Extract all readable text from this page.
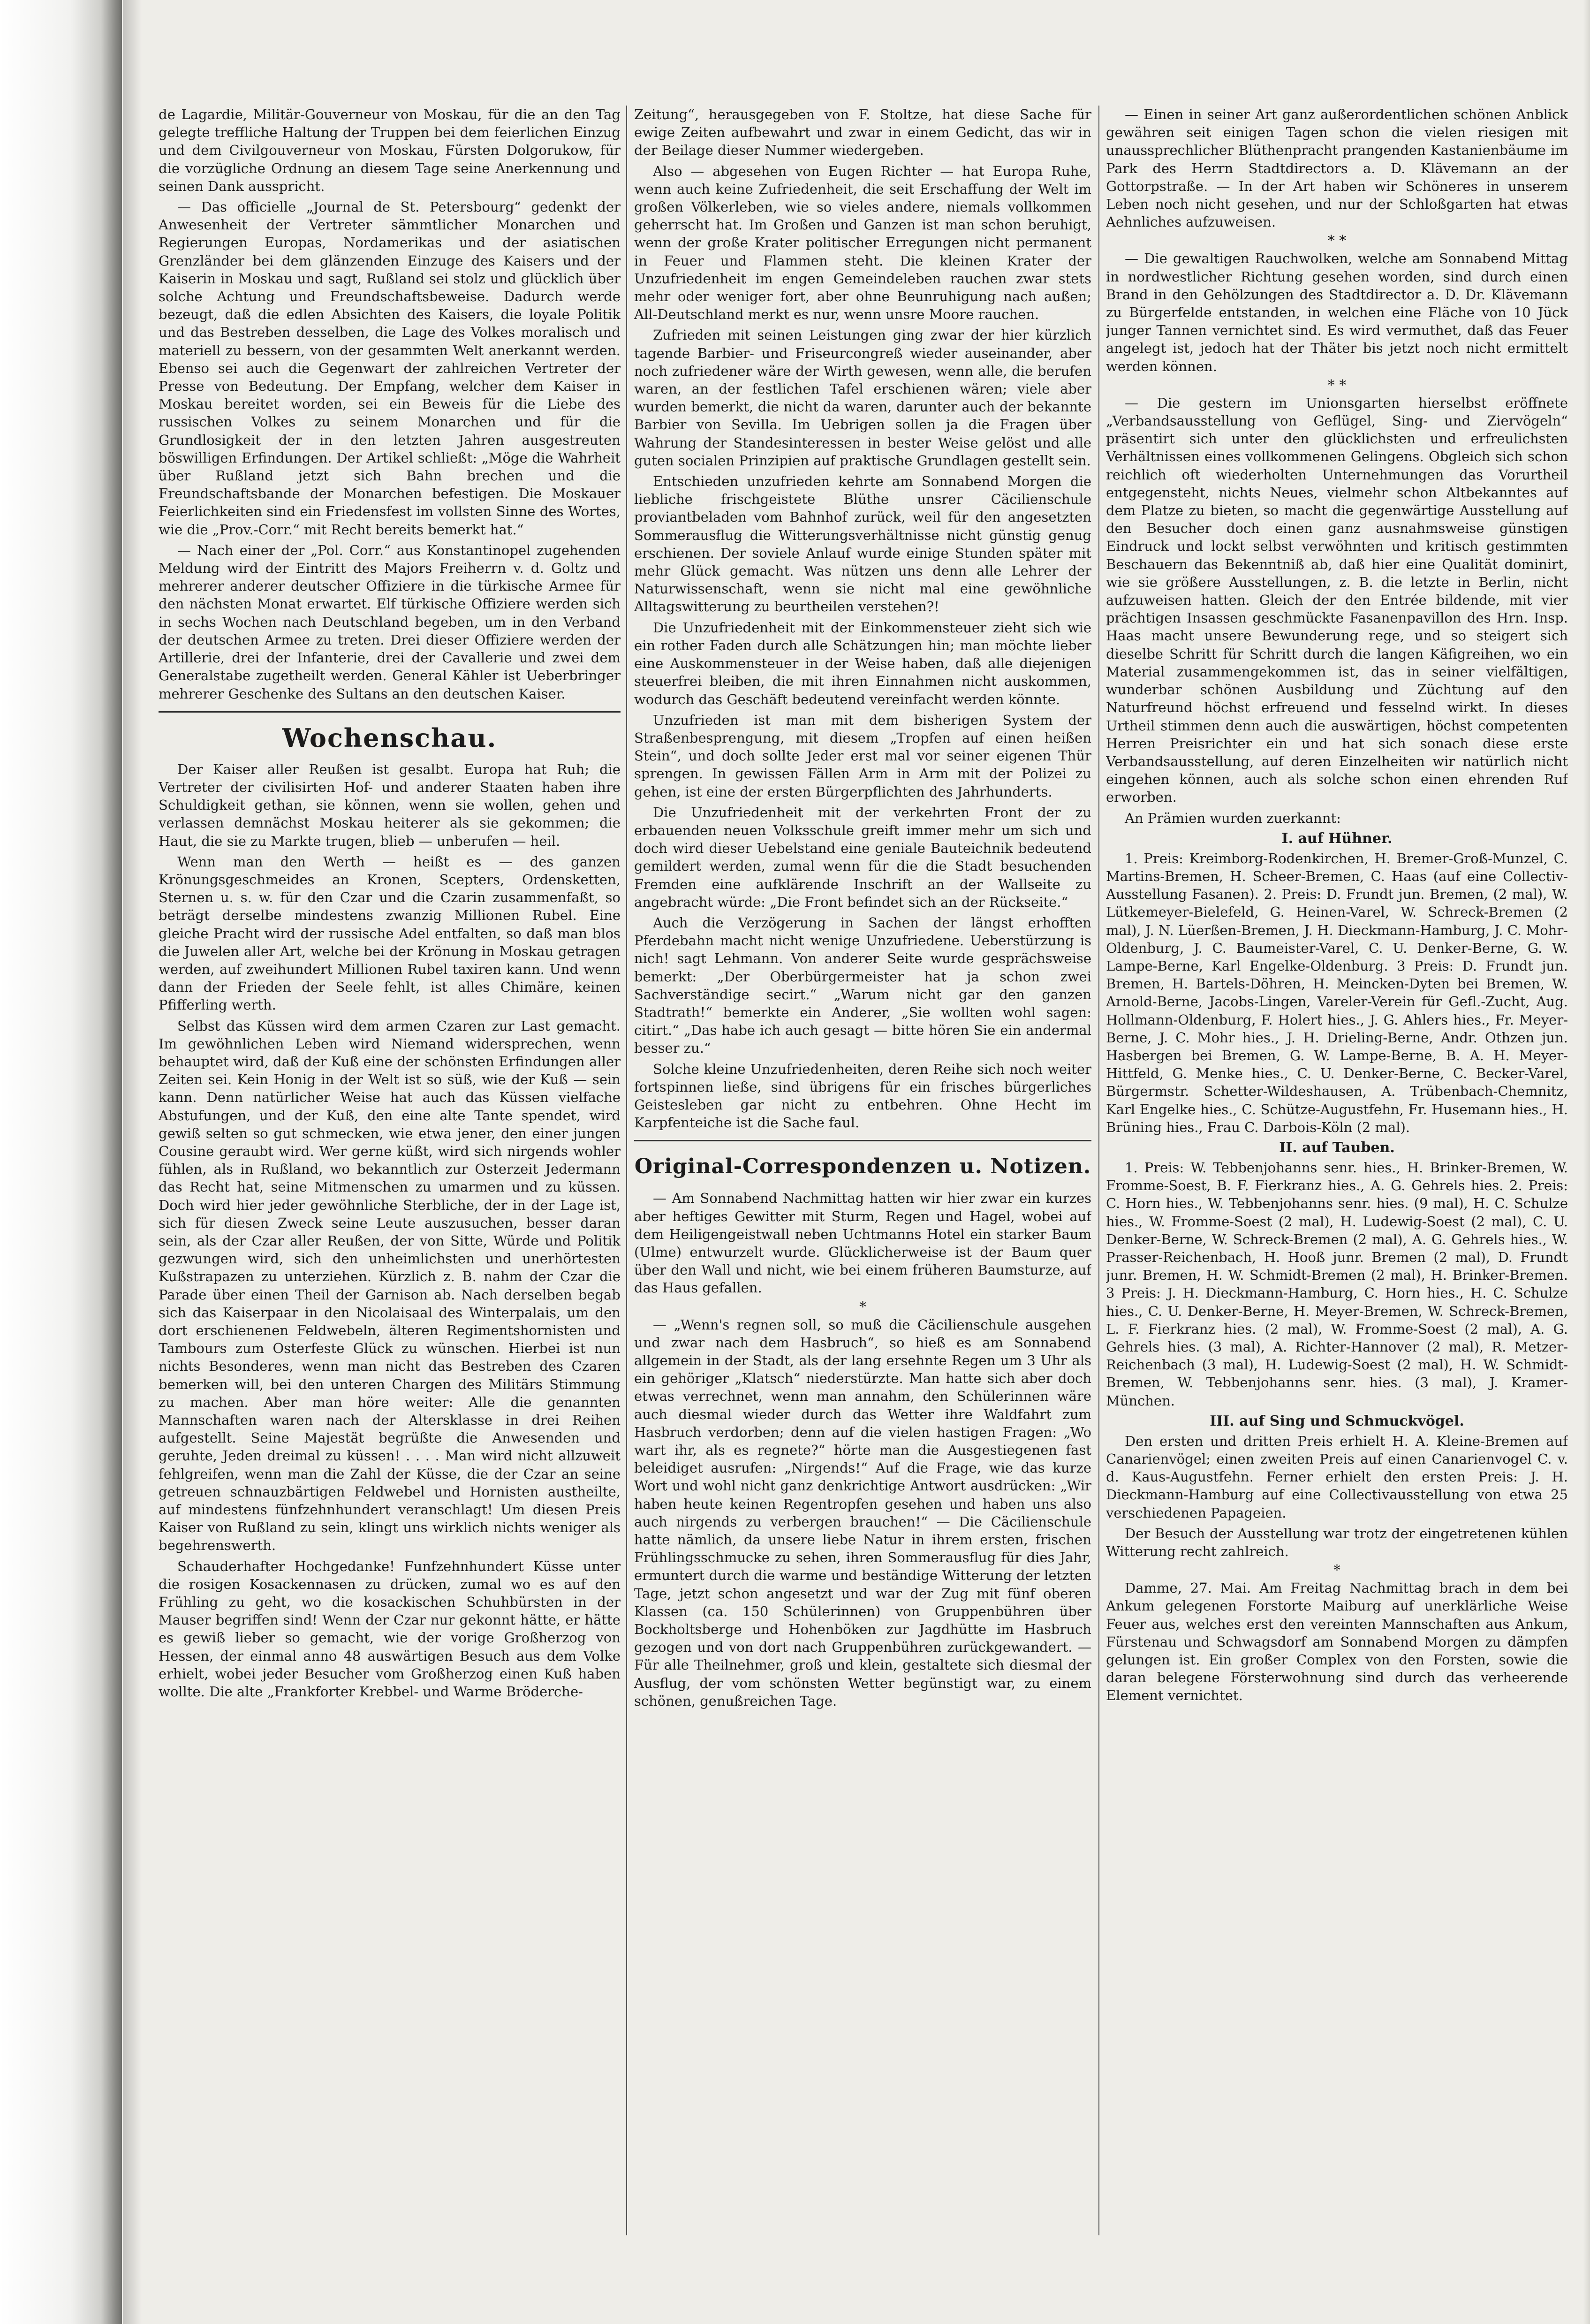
de Lagardie, Militär-Gouverneur von Moskau, für die an den Tag gelegte treffliche Haltung der Truppen bei dem feierlichen Einzug und dem Civilgouverneur von Moskau, Fürsten Dolgorukow, für die vorzügliche Ordnung an diesem Tage seine Anerkennung und seinen Dank ausspricht.

— Das officielle „Journal de St. Petersbourg“ gedenkt der Anwesenheit der Vertreter sämmtlicher Monarchen und Regierungen Europas, Nordamerikas und der asiatischen Grenzländer bei dem glänzenden Einzuge des Kaisers und der Kaiserin in Moskau und sagt, Rußland sei stolz und glücklich über solche Achtung und Freundschaftsbeweise. Dadurch werde bezeugt, daß die edlen Absichten des Kaisers, die loyale Politik und das Bestreben desselben, die Lage des Volkes moralisch und materiell zu bessern, von der gesammten Welt anerkannt werden. Ebenso sei auch die Gegenwart der zahlreichen Vertreter der Presse von Bedeutung. Der Empfang, welcher dem Kaiser in Moskau bereitet worden, sei ein Beweis für die Liebe des russischen Volkes zu seinem Monarchen und für die Grundlosigkeit der in den letzten Jahren ausgestreuten böswilligen Erfindungen. Der Artikel schließt: „Möge die Wahrheit über Rußland jetzt sich Bahn brechen und die Freundschaftsbande der Monarchen befestigen. Die Moskauer Feierlichkeiten sind ein Friedensfest im vollsten Sinne des Wortes, wie die „Prov.-Corr.“ mit Recht bereits bemerkt hat.“

— Nach einer der „Pol. Corr.“ aus Konstantinopel zugehenden Meldung wird der Eintritt des Majors Freiherrn v. d. Goltz und mehrerer anderer deutscher Offiziere in die türkische Armee für den nächsten Monat erwartet. Elf türkische Offiziere werden sich in sechs Wochen nach Deutschland begeben, um in den Verband der deutschen Armee zu treten. Drei dieser Offiziere werden der Artillerie, drei der Infanterie, drei der Cavallerie und zwei dem Generalstabe zugetheilt werden. General Kähler ist Ueberbringer mehrerer Geschenke des Sultans an den deutschen Kaiser.

Wochenschau.

Der Kaiser aller Reußen ist gesalbt. Europa hat Ruh; die Vertreter der civilisirten Hof- und anderer Staaten haben ihre Schuldigkeit gethan, sie können, wenn sie wollen, gehen und verlassen demnächst Moskau heiterer als sie gekommen; die Haut, die sie zu Markte trugen, blieb — unberufen — heil.

Wenn man den Werth — heißt es — des ganzen Krönungsgeschmeides an Kronen, Scepters, Ordensketten, Sternen u. s. w. für den Czar und die Czarin zusammenfaßt, so beträgt derselbe mindestens zwanzig Millionen Rubel. Eine gleiche Pracht wird der russische Adel entfalten, so daß man blos die Juwelen aller Art, welche bei der Krönung in Moskau getragen werden, auf zweihundert Millionen Rubel taxiren kann. Und wenn dann der Frieden der Seele fehlt, ist alles Chimäre, keinen Pfifferling werth.

Selbst das Küssen wird dem armen Czaren zur Last gemacht. Im gewöhnlichen Leben wird Niemand widersprechen, wenn behauptet wird, daß der Kuß eine der schönsten Erfindungen aller Zeiten sei. Kein Honig in der Welt ist so süß, wie der Kuß — sein kann. Denn natürlicher Weise hat auch das Küssen vielfache Abstufungen, und der Kuß, den eine alte Tante spendet, wird gewiß selten so gut schmecken, wie etwa jener, den einer jungen Cousine geraubt wird. Wer gerne küßt, wird sich nirgends wohler fühlen, als in Rußland, wo bekanntlich zur Osterzeit Jedermann das Recht hat, seine Mitmenschen zu umarmen und zu küssen. Doch wird hier jeder gewöhnliche Sterbliche, der in der Lage ist, sich für diesen Zweck seine Leute auszusuchen, besser daran sein, als der Czar aller Reußen, der von Sitte, Würde und Politik gezwungen wird, sich den unheimlichsten und unerhörtesten Kußstrapazen zu unterziehen. Kürzlich z. B. nahm der Czar die Parade über einen Theil der Garnison ab. Nach derselben begab sich das Kaiserpaar in den Nicolaisaal des Winterpalais, um den dort erschienenen Feldwebeln, älteren Regimentshornisten und Tambours zum Osterfeste Glück zu wünschen. Hierbei ist nun nichts Besonderes, wenn man nicht das Bestreben des Czaren bemerken will, bei den unteren Chargen des Militärs Stimmung zu machen. Aber man höre weiter: Alle die genannten Mannschaften waren nach der Altersklasse in drei Reihen aufgestellt. Seine Majestät begrüßte die Anwesenden und geruhte, Jeden dreimal zu küssen! . . . . Man wird nicht allzuweit fehlgreifen, wenn man die Zahl der Küsse, die der Czar an seine getreuen schnauzbärtigen Feldwebel und Hornisten austheilte, auf mindestens fünfzehnhundert veranschlagt! Um diesen Preis Kaiser von Rußland zu sein, klingt uns wirklich nichts weniger als begehrenswerth.

Schauderhafter Hochgedanke! Funfzehnhundert Küsse unter die rosigen Kosackennasen zu drücken, zumal wo es auf den Frühling zu geht, wo die kosackischen Schuhbürsten in der Mauser begriffen sind! Wenn der Czar nur gekonnt hätte, er hätte es gewiß lieber so gemacht, wie der vorige Großherzog von Hessen, der einmal anno 48 auswärtigen Besuch aus dem Volke erhielt, wobei jeder Besucher vom Großherzog einen Kuß haben wollte. Die alte „Frankforter Krebbel- und Warme Bröderche-

Zeitung“, herausgegeben von F. Stoltze, hat diese Sache für ewige Zeiten aufbewahrt und zwar in einem Gedicht, das wir in der Beilage dieser Nummer wiedergeben.

Also — abgesehen von Eugen Richter — hat Europa Ruhe, wenn auch keine Zufriedenheit, die seit Erschaffung der Welt im großen Völkerleben, wie so vieles andere, niemals vollkommen geherrscht hat. Im Großen und Ganzen ist man schon beruhigt, wenn der große Krater politischer Erregungen nicht permanent in Feuer und Flammen steht. Die kleinen Krater der Unzufriedenheit im engen Gemeindeleben rauchen zwar stets mehr oder weniger fort, aber ohne Beunruhigung nach außen; All-Deutschland merkt es nur, wenn unsre Moore rauchen.

Zufrieden mit seinen Leistungen ging zwar der hier kürzlich tagende Barbier- und Friseurcongreß wieder auseinander, aber noch zufriedener wäre der Wirth gewesen, wenn alle, die berufen waren, an der festlichen Tafel erschienen wären; viele aber wurden bemerkt, die nicht da waren, darunter auch der bekannte Barbier von Sevilla. Im Uebrigen sollen ja die Fragen über Wahrung der Standesinteressen in bester Weise gelöst und alle guten socialen Prinzipien auf praktische Grundlagen gestellt sein.

Entschieden unzufrieden kehrte am Sonnabend Morgen die liebliche frischgeistete Blüthe unsrer Cäcilienschule proviantbeladen vom Bahnhof zurück, weil für den angesetzten Sommerausflug die Witterungsverhältnisse nicht günstig genug erschienen. Der soviele Anlauf wurde einige Stunden später mit mehr Glück gemacht. Was nützen uns denn alle Lehrer der Naturwissenschaft, wenn sie nicht mal eine gewöhnliche Alltagswitterung zu beurtheilen verstehen?!

Die Unzufriedenheit mit der Einkommensteuer zieht sich wie ein rother Faden durch alle Schätzungen hin; man möchte lieber eine Auskommensteuer in der Weise haben, daß alle diejenigen steuerfrei bleiben, die mit ihren Einnahmen nicht auskommen, wodurch das Geschäft bedeutend vereinfacht werden könnte.

Unzufrieden ist man mit dem bisherigen System der Straßenbesprengung, mit diesem „Tropfen auf einen heißen Stein“, und doch sollte Jeder erst mal vor seiner eigenen Thür sprengen. In gewissen Fällen Arm in Arm mit der Polizei zu gehen, ist eine der ersten Bürgerpflichten des Jahrhunderts.

Die Unzufriedenheit mit der verkehrten Front der zu erbauenden neuen Volksschule greift immer mehr um sich und doch wird dieser Uebelstand eine geniale Bauteichnik bedeutend gemildert werden, zumal wenn für die die Stadt besuchenden Fremden eine aufklärende Inschrift an der Wallseite zu angebracht würde: „Die Front befindet sich an der Rückseite.“

Auch die Verzögerung in Sachen der längst erhofften Pferdebahn macht nicht wenige Unzufriedene. Ueberstürzung is nich! sagt Lehmann. Von anderer Seite wurde gesprächsweise bemerkt: „Der Oberbürgermeister hat ja schon zwei Sachverständige secirt.“ „Warum nicht gar den ganzen Stadtrath!“ bemerkte ein Anderer, „Sie wollten wohl sagen: citirt.“ „Das habe ich auch gesagt — bitte hören Sie ein andermal besser zu.“

Solche kleine Unzufriedenheiten, deren Reihe sich noch weiter fortspinnen ließe, sind übrigens für ein frisches bürgerliches Geistesleben gar nicht zu entbehren. Ohne Hecht im Karpfenteiche ist die Sache faul.

Original-Correspondenzen u. Notizen.

— Am Sonnabend Nachmittag hatten wir hier zwar ein kurzes aber heftiges Gewitter mit Sturm, Regen und Hagel, wobei auf dem Heiligengeistwall neben Uchtmanns Hotel ein starker Baum (Ulme) entwurzelt wurde. Glücklicherweise ist der Baum quer über den Wall und nicht, wie bei einem früheren Baumsturze, auf das Haus gefallen.

*

— „Wenn's regnen soll, so muß die Cäcilienschule ausgehen und zwar nach dem Hasbruch“, so hieß es am Sonnabend allgemein in der Stadt, als der lang ersehnte Regen um 3 Uhr als ein gehöriger „Klatsch“ niederstürzte. Man hatte sich aber doch etwas verrechnet, wenn man annahm, den Schülerinnen wäre auch diesmal wieder durch das Wetter ihre Waldfahrt zum Hasbruch verdorben; denn auf die vielen hastigen Fragen: „Wo wart ihr, als es regnete?“ hörte man die Ausgestiegenen fast beleidiget ausrufen: „Nirgends!“ Auf die Frage, wie das kurze Wort und wohl nicht ganz denkrichtige Antwort ausdrücken: „Wir haben heute keinen Regentropfen gesehen und haben uns also auch nirgends zu verbergen brauchen!“ — Die Cäcilienschule hatte nämlich, da unsere liebe Natur in ihrem ersten, frischen Frühlingsschmucke zu sehen, ihren Sommerausflug für dies Jahr, ermuntert durch die warme und beständige Witterung der letzten Tage, jetzt schon angesetzt und war der Zug mit fünf oberen Klassen (ca. 150 Schülerinnen) von Gruppenbühren über Bockholtsberge und Hohenböken zur Jagdhütte im Hasbruch gezogen und von dort nach Gruppenbühren zurückgewandert. — Für alle Theilnehmer, groß und klein, gestaltete sich diesmal der Ausflug, der vom schönsten Wetter begünstigt war, zu einem schönen, genußreichen Tage.

— Einen in seiner Art ganz außerordentlichen schönen Anblick gewähren seit einigen Tagen schon die vielen riesigen mit unaussprechlicher Blüthenpracht prangenden Kastanienbäume im Park des Herrn Stadtdirectors a. D. Klävemann an der Gottorpstraße. — In der Art haben wir Schöneres in unserem Leben noch nicht gesehen, und nur der Schloßgarten hat etwas Aehnliches aufzuweisen.

* *

— Die gewaltigen Rauchwolken, welche am Sonnabend Mittag in nordwestlicher Richtung gesehen worden, sind durch einen Brand in den Gehölzungen des Stadtdirector a. D. Dr. Klävemann zu Bürgerfelde entstanden, in welchen eine Fläche von 10 Jück junger Tannen vernichtet sind. Es wird vermuthet, daß das Feuer angelegt ist, jedoch hat der Thäter bis jetzt noch nicht ermittelt werden können.

* *

— Die gestern im Unionsgarten hierselbst eröffnete „Verbandsausstellung von Geflügel, Sing- und Ziervögeln“ präsentirt sich unter den glücklichsten und erfreulichsten Verhältnissen eines vollkommenen Gelingens. Obgleich sich schon reichlich oft wiederholten Unternehmungen das Vorurtheil entgegensteht, nichts Neues, vielmehr schon Altbekanntes auf dem Platze zu bieten, so macht die gegenwärtige Ausstellung auf den Besucher doch einen ganz ausnahmsweise günstigen Eindruck und lockt selbst verwöhnten und kritisch gestimmten Beschauern das Bekenntniß ab, daß hier eine Qualität dominirt, wie sie größere Ausstellungen, z. B. die letzte in Berlin, nicht aufzuweisen hatten. Gleich der den Entrée bildende, mit vier prächtigen Insassen geschmückte Fasanenpavillon des Hrn. Insp. Haas macht unsere Bewunderung rege, und so steigert sich dieselbe Schritt für Schritt durch die langen Käfigreihen, wo ein Material zusammengekommen ist, das in seiner vielfältigen, wunderbar schönen Ausbildung und Züchtung auf den Naturfreund höchst erfreuend und fesselnd wirkt. In dieses Urtheil stimmen denn auch die auswärtigen, höchst competenten Herren Preisrichter ein und hat sich sonach diese erste Verbandsausstellung, auf deren Einzelheiten wir natürlich nicht eingehen können, auch als solche schon einen ehrenden Ruf erworben.

An Prämien wurden zuerkannt:

I. auf Hühner.

1. Preis: Kreimborg-Rodenkirchen, H. Bremer-Groß-Munzel, C. Martins-Bremen, H. Scheer-Bremen, C. Haas (auf eine Collectiv-Ausstellung Fasanen). 2. Preis: D. Frundt jun. Bremen, (2 mal), W. Lütkemeyer-Bielefeld, G. Heinen-Varel, W. Schreck-Bremen (2 mal), J. N. Lüerßen-Bremen, J. H. Dieckmann-Hamburg, J. C. Mohr-Oldenburg, J. C. Baumeister-Varel, C. U. Denker-Berne, G. W. Lampe-Berne, Karl Engelke-Oldenburg. 3 Preis: D. Frundt jun. Bremen, H. Bartels-Döhren, H. Meincken-Dyten bei Bremen, W. Arnold-Berne, Jacobs-Lingen, Vareler-Verein für Gefl.-Zucht, Aug. Hollmann-Oldenburg, F. Holert hies., J. G. Ahlers hies., Fr. Meyer-Berne, J. C. Mohr hies., J. H. Drieling-Berne, Andr. Othzen jun. Hasbergen bei Bremen, G. W. Lampe-Berne, B. A. H. Meyer-Hittfeld, G. Menke hies., C. U. Denker-Berne, C. Becker-Varel, Bürgermstr. Schetter-Wildeshausen, A. Trübenbach-Chemnitz, Karl Engelke hies., C. Schütze-Augustfehn, Fr. Husemann hies., H. Brüning hies., Frau C. Darbois-Köln (2 mal).

II. auf Tauben.

1. Preis: W. Tebbenjohanns senr. hies., H. Brinker-Bremen, W. Fromme-Soest, B. F. Fierkranz hies., A. G. Gehrels hies. 2. Preis: C. Horn hies., W. Tebbenjohanns senr. hies. (9 mal), H. C. Schulze hies., W. Fromme-Soest (2 mal), H. Ludewig-Soest (2 mal), C. U. Denker-Berne, W. Schreck-Bremen (2 mal), A. G. Gehrels hies., W. Prasser-Reichenbach, H. Hooß junr. Bremen (2 mal), D. Frundt junr. Bremen, H. W. Schmidt-Bremen (2 mal), H. Brinker-Bremen. 3 Preis: J. H. Dieckmann-Hamburg, C. Horn hies., H. C. Schulze hies., C. U. Denker-Berne, H. Meyer-Bremen, W. Schreck-Bremen, L. F. Fierkranz hies. (2 mal), W. Fromme-Soest (2 mal), A. G. Gehrels hies. (3 mal), A. Richter-Hannover (2 mal), R. Metzer-Reichenbach (3 mal), H. Ludewig-Soest (2 mal), H. W. Schmidt-Bremen, W. Tebbenjohanns senr. hies. (3 mal), J. Kramer-München.

III. auf Sing und Schmuckvögel.

Den ersten und dritten Preis erhielt H. A. Kleine-Bremen auf Canarienvögel; einen zweiten Preis auf einen Canarienvogel C. v. d. Kaus-Augustfehn. Ferner erhielt den ersten Preis: J. H. Dieckmann-Hamburg auf eine Collectivausstellung von etwa 25 verschiedenen Papageien.

Der Besuch der Ausstellung war trotz der eingetretenen kühlen Witterung recht zahlreich.

*

Damme, 27. Mai. Am Freitag Nachmittag brach in dem bei Ankum gelegenen Forstorte Maiburg auf unerklärliche Weise Feuer aus, welches erst den vereinten Mannschaften aus Ankum, Fürstenau und Schwagsdorf am Sonnabend Morgen zu dämpfen gelungen ist. Ein großer Complex von den Forsten, sowie die daran belegene Försterwohnung sind durch das verheerende Element vernichtet.
